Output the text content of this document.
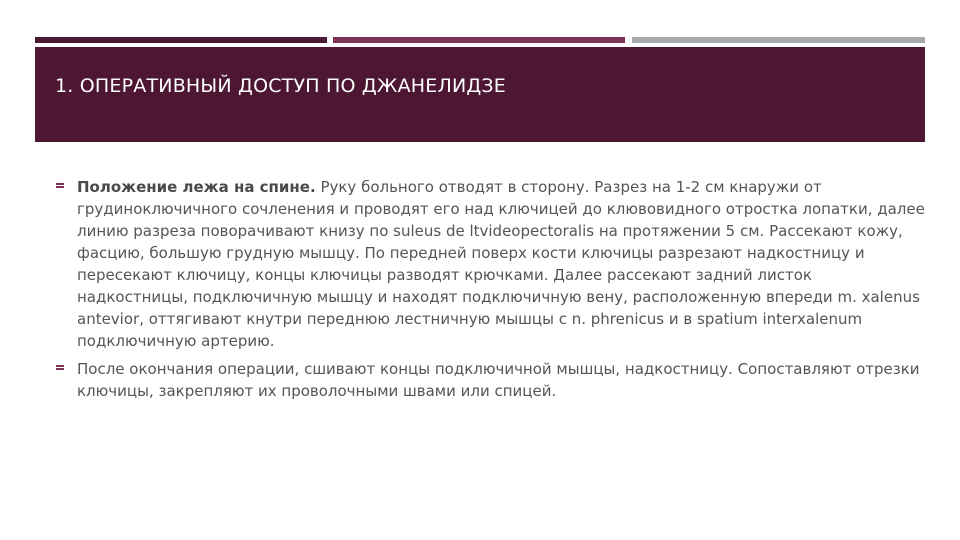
1. ОПЕРАТИВНЫЙ ДОСТУП ПО ДЖАНЕЛИДЗЕ

Положение лежа на спине. Руку больного отводят в сторону. Разрез на 1-2 см кнаружи от грудиноключичного сочленения и проводят его над ключицей до клювовидного отростка лопатки, далее линию разреза поворачивают книзу по suleus de ltvideopectoralis на протяжении 5 см. Рассекают кожу, фасцию, большую грудную мышцу. По передней поверх кости ключицы разрезают надкостницу и пересекают ключицу, концы ключицы разводят крючками. Далее рассекают задний листок надкостницы, подключичную мышцу и находят подключичную вену, расположенную впереди m. xalenus antevior, оттягивают кнутри переднюю лестничную мышцы с n. phrenicus и в spatium interxalenum подключичную артерию.

После окончания операции, сшивают концы подключичной мышцы, надкостницу. Сопоставляют отрезки ключицы, закрепляют их проволочными швами или спицей.
